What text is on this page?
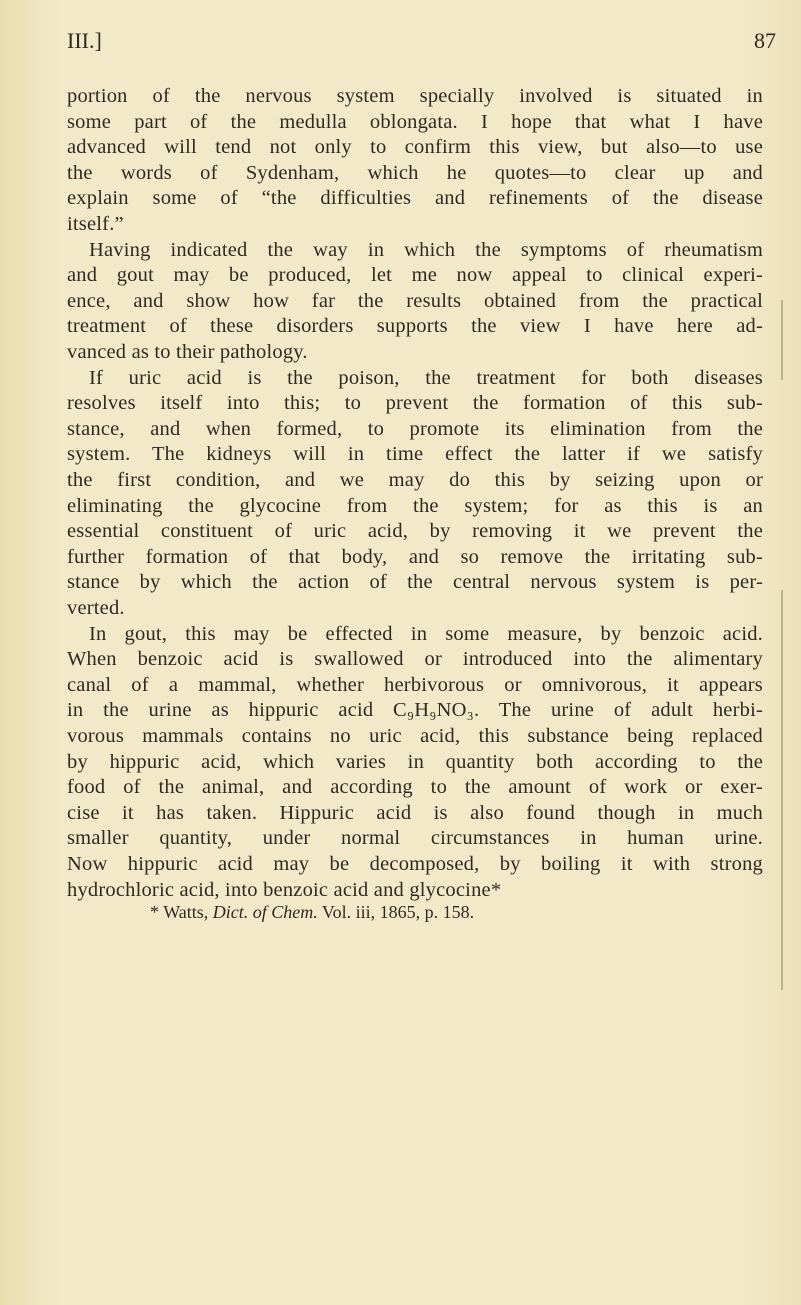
III.]	87
portion of the nervous system specially involved is situated in
some part of the medulla oblongata. I hope that what I have
advanced will tend not only to confirm this view, but also—to use
the words of Sydenham, which he quotes—to clear up and
explain some of “the difficulties and refinements of the disease
itself.”
Having indicated the way in which the symptoms of rheumatism
and gout may be produced, let me now appeal to clinical experi-
ence, and show how far the results obtained from the practical
treatment of these disorders supports the view I have here ad-
vanced as to their pathology.
If uric acid is the poison, the treatment for both diseases
resolves itself into this; to prevent the formation of this sub-
stance, and when formed, to promote its elimination from the
system. The kidneys will in time effect the latter if we satisfy
the first condition, and we may do this by seizing upon or
eliminating the glycocine from the system; for as this is an
essential constituent of uric acid, by removing it we prevent the
further formation of that body, and so remove the irritating sub-
stance by which the action of the central nervous system is per-
verted.
In gout, this may be effected in some measure, by benzoic acid.
When benzoic acid is swallowed or introduced into the alimentary
canal of a mammal, whether herbivorous or omnivorous, it appears
in the urine as hippuric acid C₉H₉NO₃. The urine of adult herbi-
vorous mammals contains no uric acid, this substance being replaced
by hippuric acid, which varies in quantity both according to the
food of the animal, and according to the amount of work or exer-
cise it has taken. Hippuric acid is also found though in much
smaller quantity, under normal circumstances in human urine.
Now hippuric acid may be decomposed, by boiling it with strong
hydrochloric acid, into benzoic acid and glycocine*
* Watts, Dict. of Chem. Vol. iii, 1865, p. 158.
